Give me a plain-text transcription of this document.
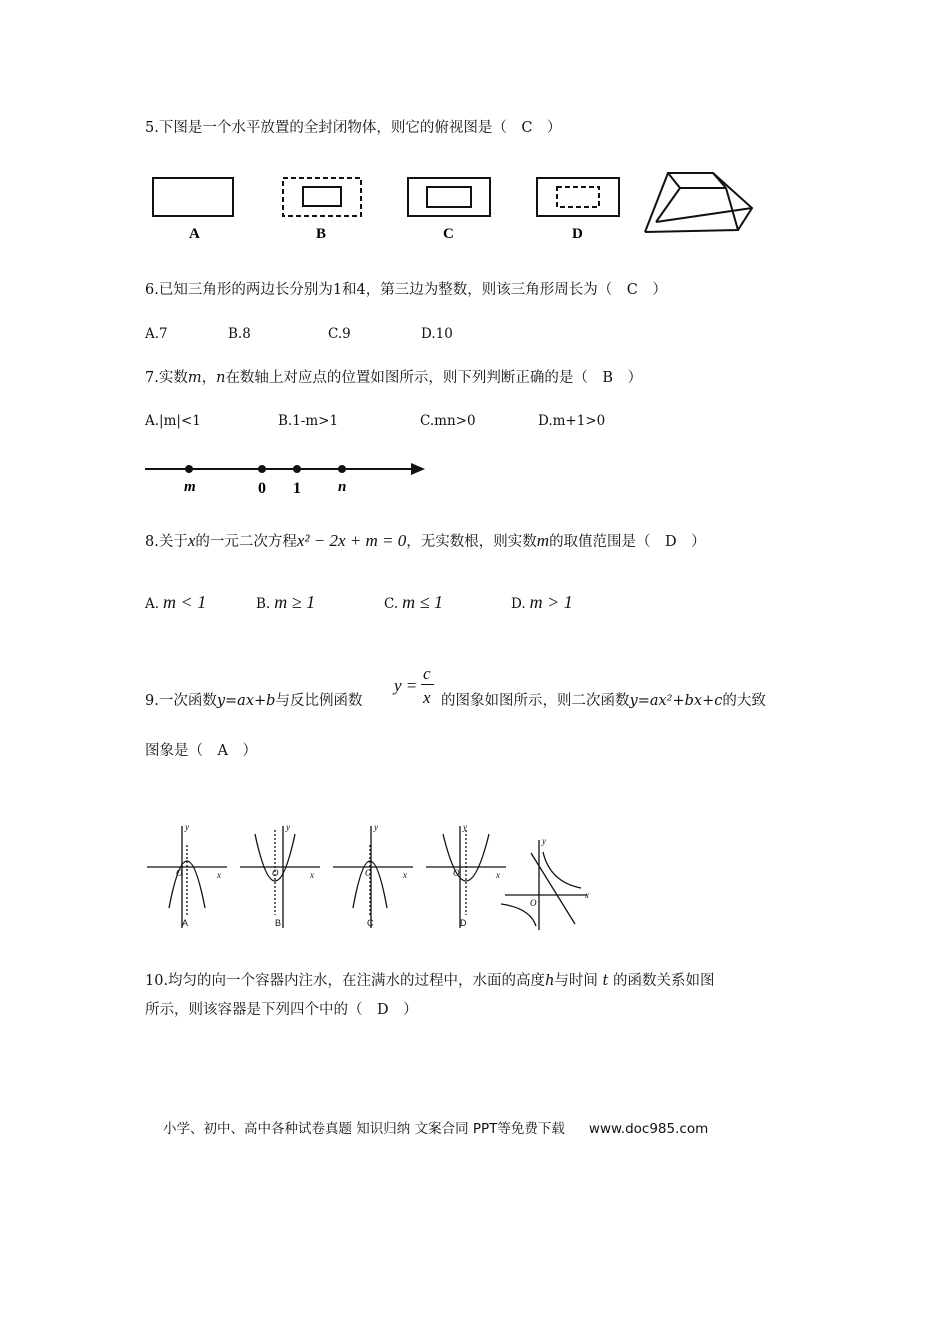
5.下图是一个水平放置的全封闭物体，则它的俯视图是（　C　）
A	B	C	D
6.已知三角形的两边长分别为1和4，第三边为整数，则该三角形周长为（　C　）
A.7	B.8	C.9	D.10
7.实数m，n在数轴上对应点的位置如图所示，则下列判断正确的是（　B　）
A.|m|<1	B.1-m>1	C.mn>0	D.m+1>0
m	0 1 n
8.关于x的一元二次方程x² − 2x + m = 0，无实数根，则实数m的取值范围是（　D　）
A. m < 1	B. m ≥ 1	C. m ≤ 1	D. m > 1
9.一次函数y=ax+b与反比例函数
y =
c
x 的图象如图所示，则二次函数y=ax²+bx+c的大致
图象是（　A　）
y
x
O
y
x
O
y
x
O
y
x
O
y
x
O
A	B	C	D
10.均匀的向一个容器内注水，在注满水的过程中，水面的高度h与时间 t 的函数关系如图
所示，则该容器是下列四个中的（　D　）
小学、初中、高中各种试卷真题 知识归纳 文案合同 PPT等免费下载 www.doc985.com
